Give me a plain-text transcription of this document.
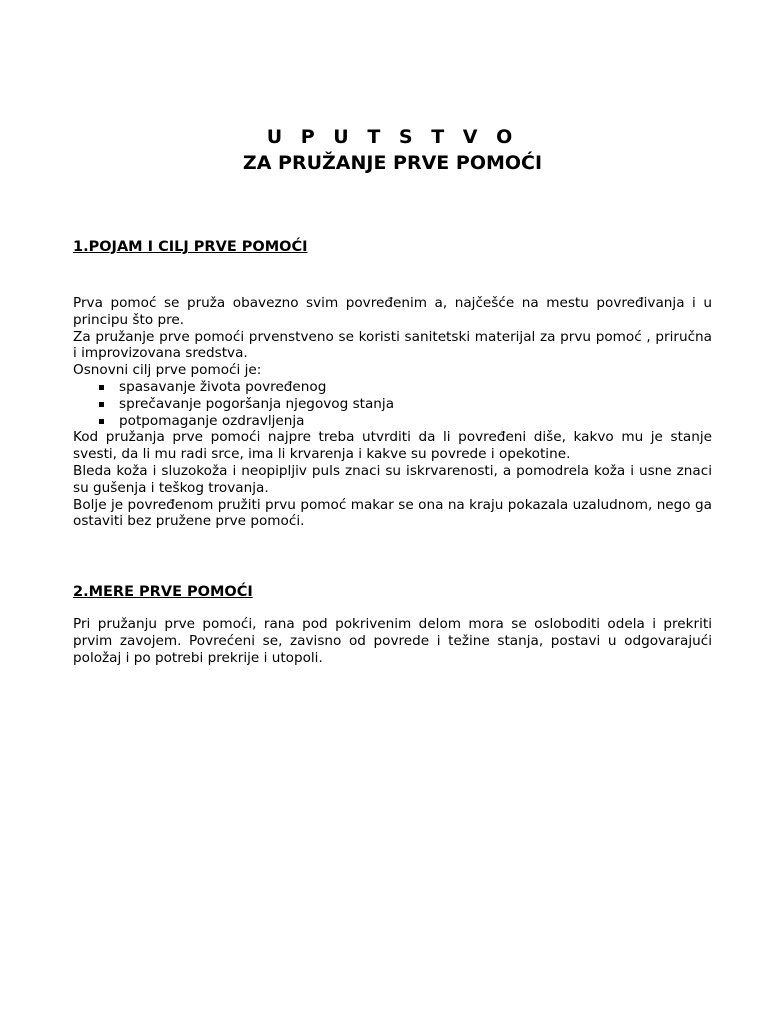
U P U T S T V O
ZA PRUŽANJE PRVE POMOĆI
1.POJAM I CILJ PRVE POMOĆI

Prva pomoć se pruža obavezno svim povređenim a, najčešće na mestu povređivanja i u principu što pre.

Za pružanje prve pomoći prvenstveno se koristi sanitetski materijal za prvu pomoć , priručna i improvizovana sredstva.

Osnovni cilj prve pomoći je:

spasavanje života povređenog
sprečavanje pogoršanja njegovog stanja
potpomaganje ozdravljenja

Kod pružanja prve pomoći najpre treba utvrditi da li povređeni diše, kakvo mu je stanje svesti, da li mu radi srce, ima li krvarenja i kakve su povrede i opekotine.

Bleda koža i sluzokoža i neopipljiv puls znaci su iskrvarenosti, a pomodrela koža i usne znaci su gušenja i teškog trovanja.

Bolje je povređenom pružiti prvu pomoć makar se ona na kraju pokazala uzaludnom, nego ga ostaviti bez pružene prve pomoći.

2.MERE PRVE POMOĆI

Pri pružanju prve pomoći, rana pod pokrivenim delom mora se osloboditi odela i prekriti prvim zavojem. Povrećeni se, zavisno od povrede i težine stanja, postavi u odgovarajući položaj i po potrebi prekrije i utopoli.
